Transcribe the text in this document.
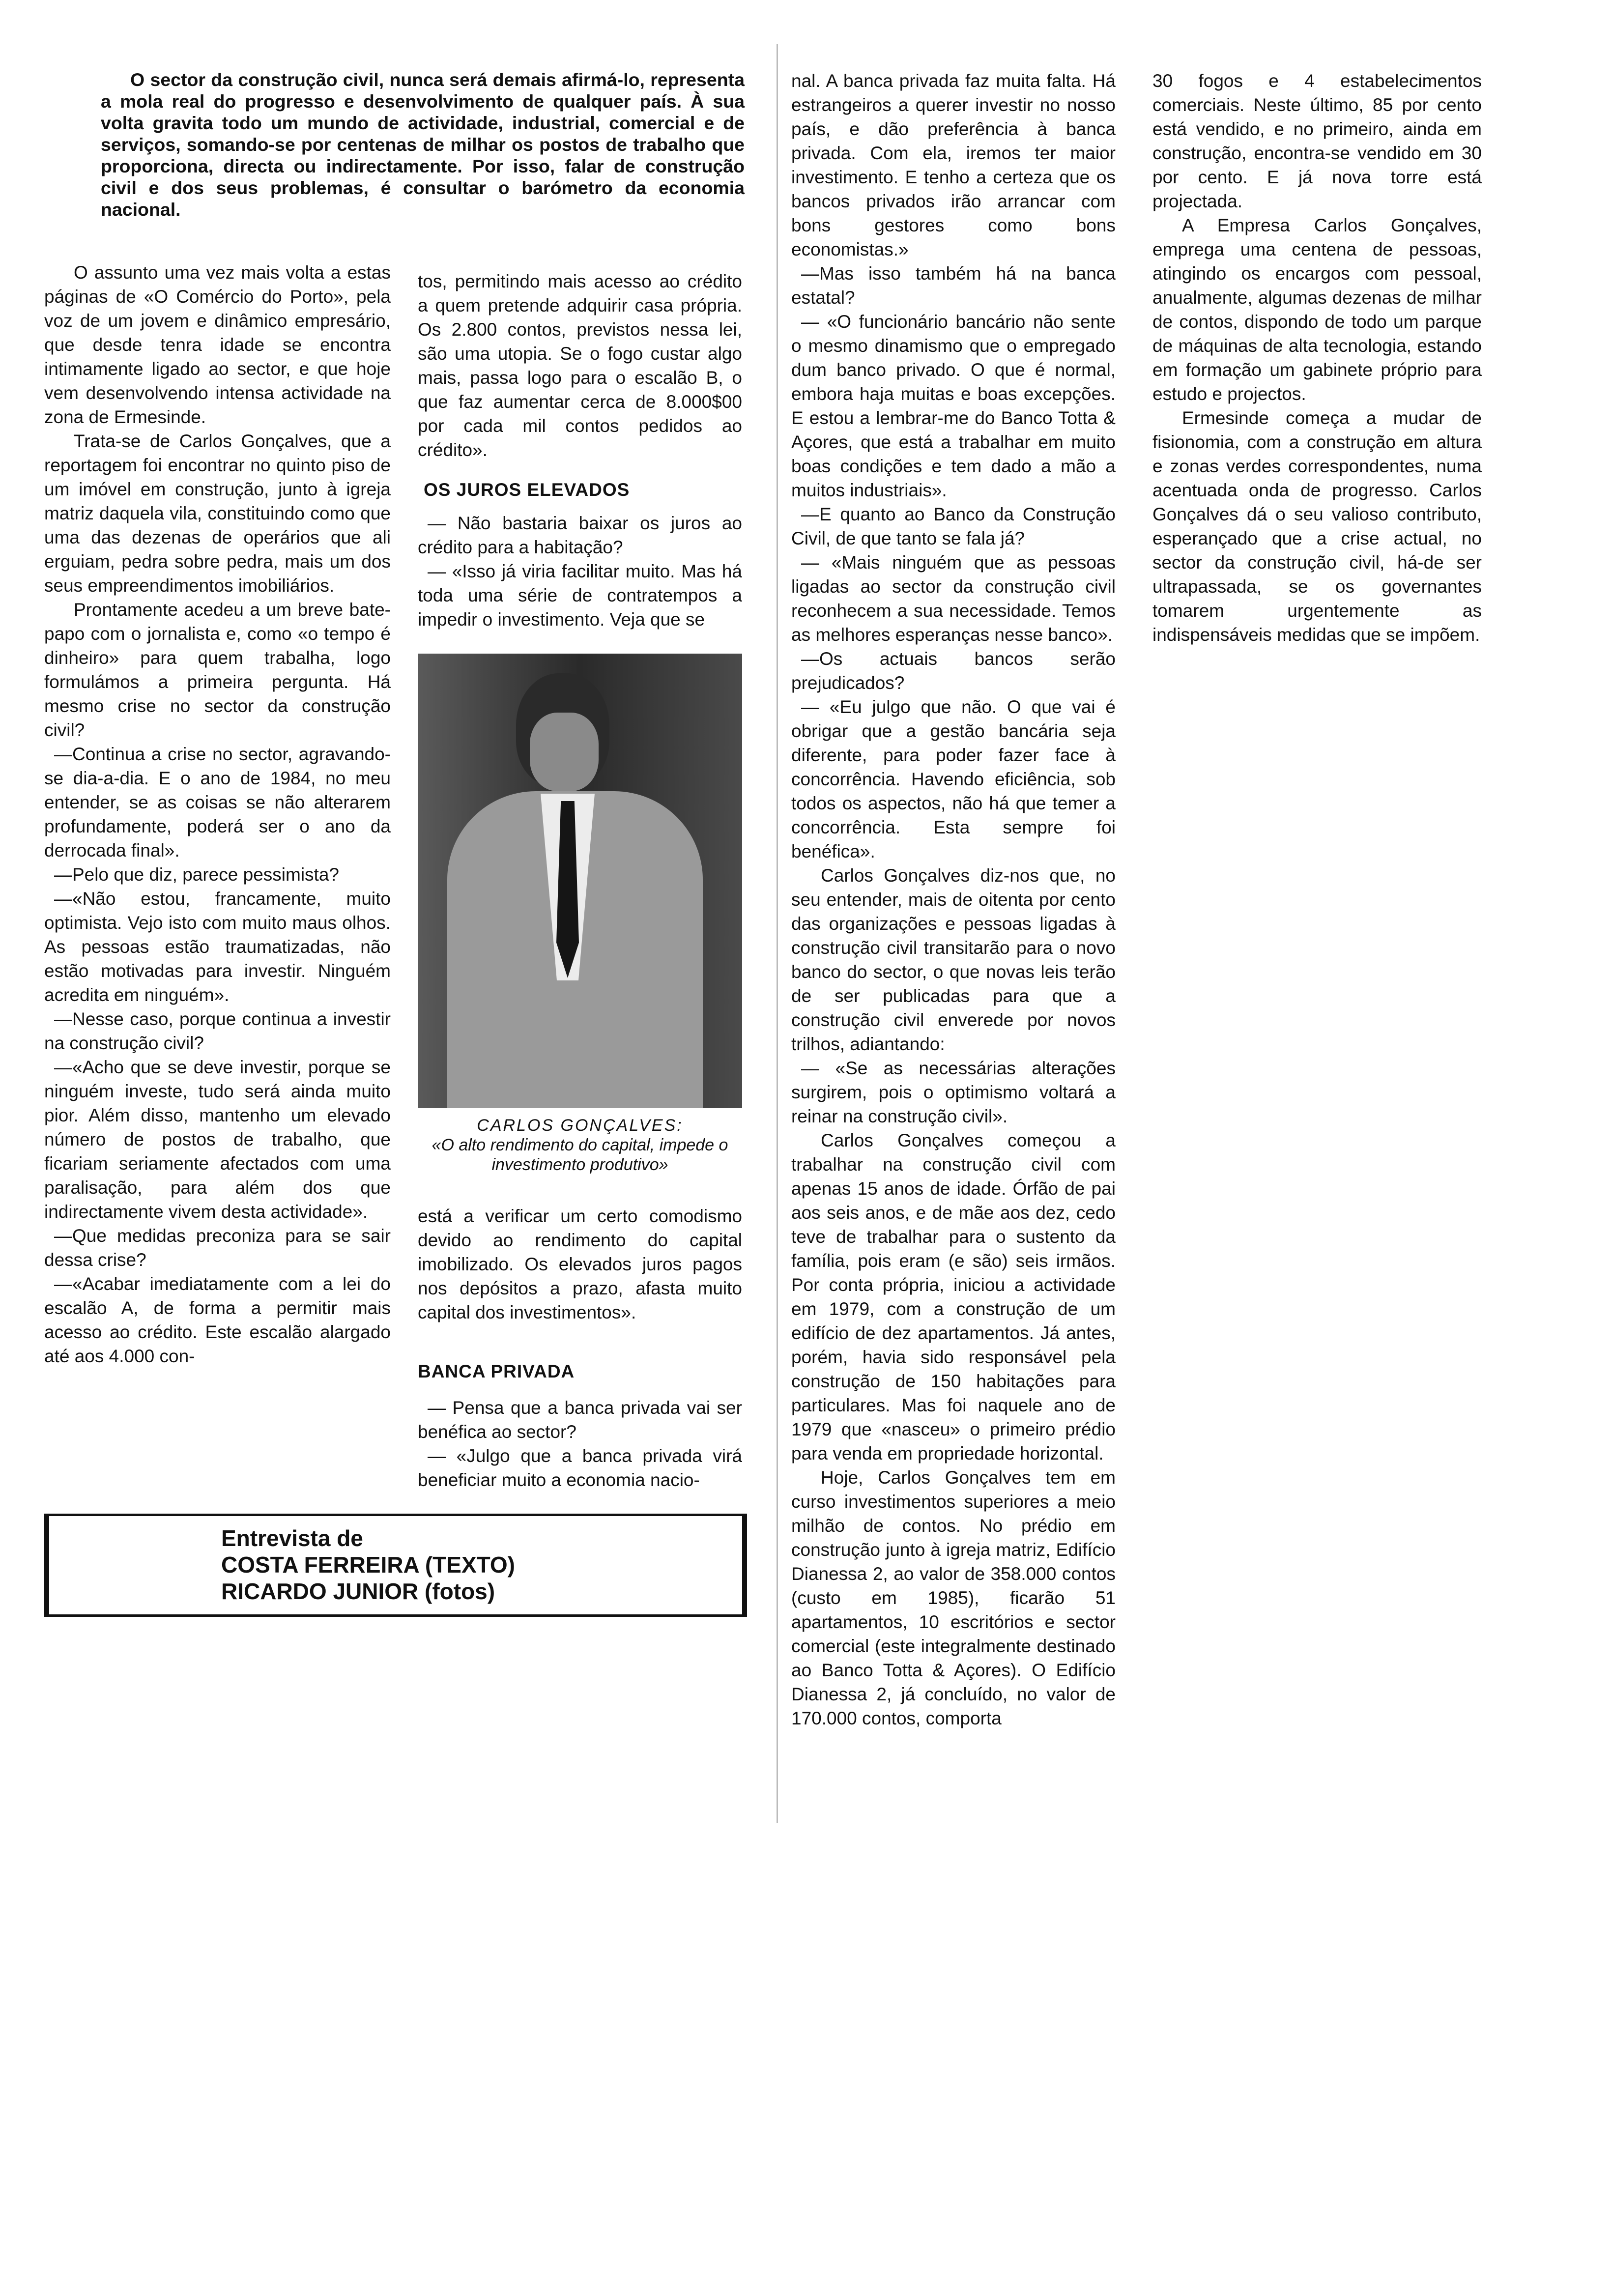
O sector da construção civil, nunca será demais afirmá-lo, representa a mola real do progresso e desenvolvimento de qualquer país. À sua volta gravita todo um mundo de actividade, industrial, comercial e de serviços, somando-se por centenas de milhar os postos de trabalho que proporciona, directa ou indirectamente. Por isso, falar de construção civil e dos seus problemas, é consultar o barómetro da economia nacional.

O assunto uma vez mais volta a estas páginas de «O Comércio do Porto», pela voz de um jovem e dinâmico empresário, que desde tenra idade se encontra intimamente ligado ao sector, e que hoje vem desenvolvendo intensa actividade na zona de Ermesinde.

Trata-se de Carlos Gonçalves, que a reportagem foi encontrar no quinto piso de um imóvel em construção, junto à igreja matriz daquela vila, constituindo como que uma das dezenas de operários que ali erguiam, pedra sobre pedra, mais um dos seus empreendimentos imobiliários.

Prontamente acedeu a um breve bate-papo com o jornalista e, como «o tempo é dinheiro» para quem trabalha, logo formulámos a primeira pergunta. Há mesmo crise no sector da construção civil?

—Continua a crise no sector, agravando-se dia-a-dia. E o ano de 1984, no meu entender, se as coisas se não alterarem profundamente, poderá ser o ano da derrocada final».

—Pelo que diz, parece pessimista?

—«Não estou, francamente, muito optimista. Vejo isto com muito maus olhos. As pessoas estão traumatizadas, não estão motivadas para investir. Ninguém acredita em ninguém».

—Nesse caso, porque continua a investir na construção civil?

—«Acho que se deve investir, porque se ninguém investe, tudo será ainda muito pior. Além disso, mantenho um elevado número de postos de trabalho, que ficariam seriamente afectados com uma paralisação, para além dos que indirectamente vivem desta actividade».

—Que medidas preconiza para se sair dessa crise?

—«Acabar imediatamente com a lei do escalão A, de forma a permitir mais acesso ao crédito. Este escalão alargado até aos 4.000 con-

tos, permitindo mais acesso ao crédito a quem pretende adquirir casa própria. Os 2.800 contos, previstos nessa lei, são uma utopia. Se o fogo custar algo mais, passa logo para o escalão B, o que faz aumentar cerca de 8.000$00 por cada mil contos pedidos ao crédito».

OS JUROS ELEVADOS

— Não bastaria baixar os juros ao crédito para a habitação?

— «Isso já viria facilitar muito. Mas há toda uma série de contratempos a impedir o investimento. Veja que se

CARLOS GONÇALVES:
«O alto rendimento do capital, impede o investimento produtivo»

está a verificar um certo comodismo devido ao rendimento do capital imobilizado. Os elevados juros pagos nos depósitos a prazo, afasta muito capital dos investimentos».

BANCA PRIVADA

— Pensa que a banca privada vai ser benéfica ao sector?

— «Julgo que a banca privada virá beneficiar muito a economia nacio-

Entrevista de
COSTA FERREIRA (TEXTO)
RICARDO JUNIOR (fotos)

nal. A banca privada faz muita falta. Há estrangeiros a querer investir no nosso país, e dão preferência à banca privada. Com ela, iremos ter maior investimento. E tenho a certeza que os bancos privados irão arrancar com bons gestores como bons economistas.»

—Mas isso também há na banca estatal?

— «O funcionário bancário não sente o mesmo dinamismo que o empregado dum banco privado. O que é normal, embora haja muitas e boas excepções. E estou a lembrar-me do Banco Totta & Açores, que está a trabalhar em muito boas condições e tem dado a mão a muitos industriais».

—E quanto ao Banco da Construção Civil, de que tanto se fala já?

— «Mais ninguém que as pessoas ligadas ao sector da construção civil reconhecem a sua necessidade. Temos as melhores esperanças nesse banco».

—Os actuais bancos serão prejudicados?

— «Eu julgo que não. O que vai é obrigar que a gestão bancária seja diferente, para poder fazer face à concorrência. Havendo eficiência, sob todos os aspectos, não há que temer a concorrência. Esta sempre foi benéfica».

Carlos Gonçalves diz-nos que, no seu entender, mais de oitenta por cento das organizações e pessoas ligadas à construção civil transitarão para o novo banco do sector, o que novas leis terão de ser publicadas para que a construção civil enverede por novos trilhos, adiantando:

— «Se as necessárias alterações surgirem, pois o optimismo voltará a reinar na construção civil».

Carlos Gonçalves começou a trabalhar na construção civil com apenas 15 anos de idade. Órfão de pai aos seis anos, e de mãe aos dez, cedo teve de trabalhar para o sustento da família, pois eram (e são) seis irmãos. Por conta própria, iniciou a actividade em 1979, com a construção de um edifício de dez apartamentos. Já antes, porém, havia sido responsável pela construção de 150 habitações para particulares. Mas foi naquele ano de 1979 que «nasceu» o primeiro prédio para venda em propriedade horizontal.

Hoje, Carlos Gonçalves tem em curso investimentos superiores a meio milhão de contos. No prédio em construção junto à igreja matriz, Edifício Dianessa 2, ao valor de 358.000 contos (custo em 1985), ficarão 51 apartamentos, 10 escritórios e sector comercial (este integralmente destinado ao Banco Totta & Açores). O Edifício Dianessa 2, já concluído, no valor de 170.000 contos, comporta

30 fogos e 4 estabelecimentos comerciais. Neste último, 85 por cento está vendido, e no primeiro, ainda em construção, encontra-se vendido em 30 por cento. E já nova torre está projectada.

A Empresa Carlos Gonçalves, emprega uma centena de pessoas, atingindo os encargos com pessoal, anualmente, algumas dezenas de milhar de contos, dispondo de todo um parque de máquinas de alta tecnologia, estando em formação um gabinete próprio para estudo e projectos.

Ermesinde começa a mudar de fisionomia, com a construção em altura e zonas verdes correspondentes, numa acentuada onda de progresso. Carlos Gonçalves dá o seu valioso contributo, esperançado que a crise actual, no sector da construção civil, há-de ser ultrapassada, se os governantes tomarem urgentemente as indispensáveis medidas que se impõem.
